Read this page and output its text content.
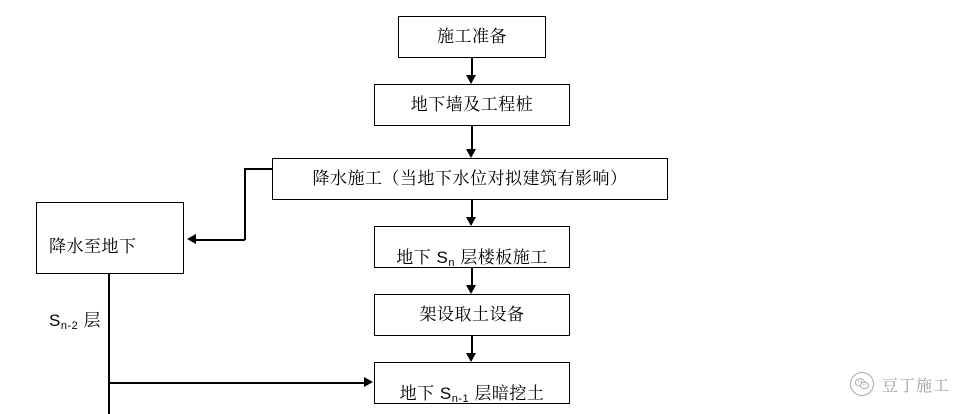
施工准备
地下墙及工程桩
降水施工（当地下水位对拟建筑有影响）

降水至地下

$S_{n-2}$ 层

地下 $S_n$ 层楼板施工

架设取土设备

地下 $S_{n-1}$ 层暗挖土	豆丁施工
